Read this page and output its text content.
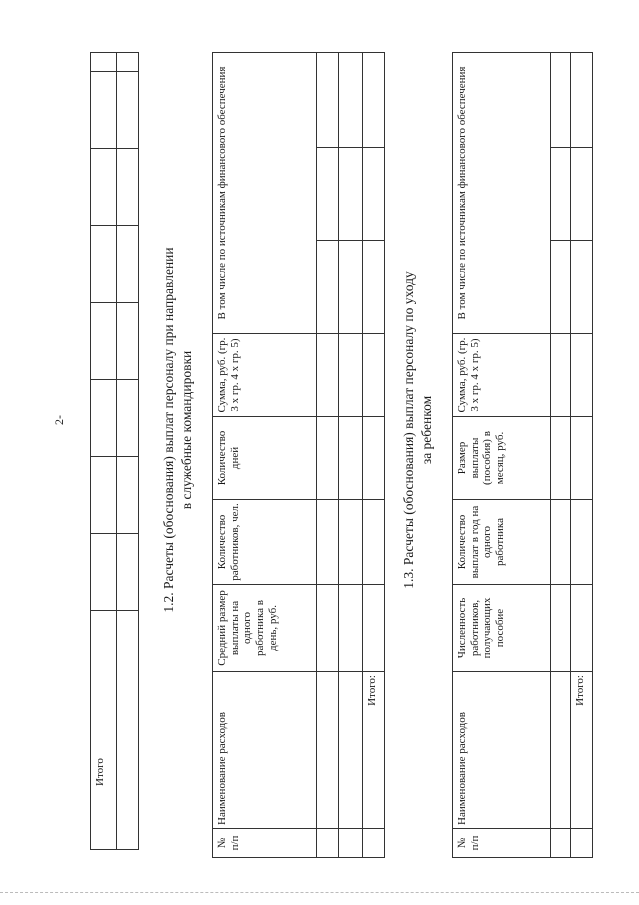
Итого								

2-	1.2. Расчеты (обоснования) выплат персоналу при направлении в служебные командировки
№ п/п	Наименование расходов	Средний размер выплаты на одного работника в день, руб.	Количество работников, чел.	Количество дней	Сумма, руб. (гр. 3 х гр. 4 х гр. 5)	В том числе по источникам финансового обеспечения		

	Итого:							
1.3. Расчеты (обоснования) выплат персоналу по уходу за ребенком
№ п/п	Наименование расходов	Численность работников, получающих пособие	Количество выплат в год на одного работника	Размер выплаты (пособия) в месяц, руб.	Сумма, руб. (гр. 3 х гр. 4 х гр. 5)	В том числе по источникам финансового обеспечения		

	Итого:							
